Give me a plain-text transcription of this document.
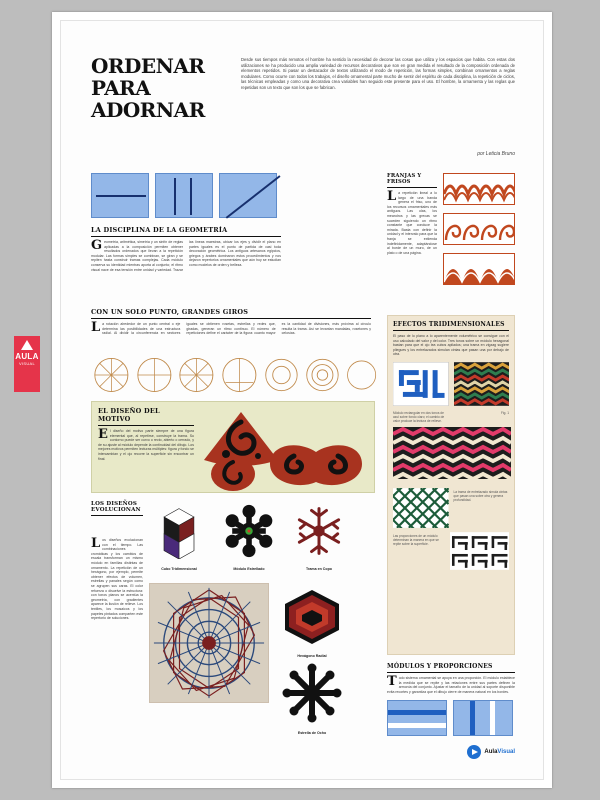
AULA
VISUAL
ORDENAR
PARA ADORNAR
Desde sus tiempos más remotos el hombre ha sentido la necesidad de decorar las cosas que utiliza y los espacios que habita. Con estas dos utilizaciones se ha producido una amplia variedad de recursos decorativos que son en gran medida el resultado de la composición ordenada de elementos repetidos. Si pasar un destacador de textos utilizando el modo de repetición, las formas simples, combinan ornamentos a reglas modulares. Como ocurre con todos los trabajos, el diseño ornamental parte mucho de sentir del espíritu de cada disciplina, la repetición de ciclos, las técnicas empleadas y como una decorativa crea variables han seguido este presente para el uso. El hombre, la ornamenta y las reglas que repetidas son un texto que son los que se fabrican.
por Leticia Bruno
LA DISCIPLINA DE LA GEOMETRÍA
Geometría, aritmética, simetría y un sinfín de reglas aplicadas a la composición permiten obtener resultados ordenados que llevan a la repetición modular. Las formas simples se combinan, se giran y se repiten hasta construir tramas complejas. Cada módulo conserva su identidad mientras aporta al conjunto; el ritmo visual nace de esa tensión entre unidad y variedad. Trazar las líneas maestras, ubicar los ejes y dividir el plano en partes iguales es el punto de partida de casi toda decoración geométrica. Los antiguos artesanos egipcios, griegos y árabes dominaron estos procedimientos y nos dejaron repertorios ornamentales que aún hoy se estudian como modelos de orden y belleza.
CON UN SOLO PUNTO, GRANDES GIROS
La rotación alrededor de un punto central o eje determina las posibilidades de una estructura radial. Al dividir la circunferencia en sectores iguales se obtienen rosetas, estrellas y redes que, giradas, generan un ritmo continuo. El número de repeticiones define el carácter de la figura: cuanto mayor es la cantidad de divisiones, más próxima al círculo resulta la trama. Así se levantan mandalas, rosetones y celosías.
EL DISEÑO DEL MOTIVO
El diseño del motivo parte siempre de una figura elemental que, al repetirse, construye la trama. Su contorno puede ser curvo o recto, abierto o cerrado, y de su ajuste al módulo depende la continuidad del dibujo. Los mejores motivos permiten lecturas múltiples: figura y fondo se intercambian y el ojo recorre la superficie sin encontrar un final.
LOS DISEÑOS EVOLUCIONAN
Los diseños evolucionan con el tiempo. Las combinaciones cromáticas y los cambios de escala transforman un mismo módulo en familias distintas de ornamento. La repetición de un hexágono, por ejemplo, permite obtener efectos de volumen, estrellas y panales según como se agrupen sus caras. El color refuerza o disuelve la estructura: con tonos planos se acentúa la geometría, con gradientes aparece la ilusión de relieve. Los textiles, los mosaicos y los papeles pintados comparten este repertorio de soluciones.
Cubo Tridimensional	Módulo Estrellado	Trama en Copo
Hexágono Radial
Estrella de Ocho
FRANJAS Y FRISOS
La repetición lineal a lo largo de una banda genera el friso, uno de los recursos ornamentales más antiguos. Las olas, los meandros y las grecas se suceden siguiendo un ritmo constante que conduce la mirada. Basta con definir la unidad y el intervalo para que la franja se extienda indefinidamente, adaptándose al borde de un muro, de un plato o de una página.
EFECTOS TRIDIMENSIONALES
El paso de lo plano a lo aparentemente volumétrico se consigue con el uso calculado del valor y del color. Tres tonos sobre un módulo hexagonal bastan para que el ojo lea cubos apilados; una trama en zigzag sugiere pliegues y los entrelazados simulan cintas que pasan una por debajo de otra.
Módulo rectangular en dos tonos de azul sobre fondo claro; el cambio de valor produce la lectura de relieve.
Fig. 1
La trama de entrelazado simula cintas que pasan una sobre otra y genera profundidad.
Las proporciones de un módulo determinan la manera en que se repite sobre la superficie.
MÓDULOS Y PROPORCIONES
Todo sistema ornamental se apoya en una proporción. El módulo establece la medida que se repite y las relaciones entre sus partes definen la armonía del conjunto. Ajustar el tamaño de la unidad al soporte disponible evita recortes y garantiza que el dibujo cierre de manera natural en los bordes.
AulaVisual
